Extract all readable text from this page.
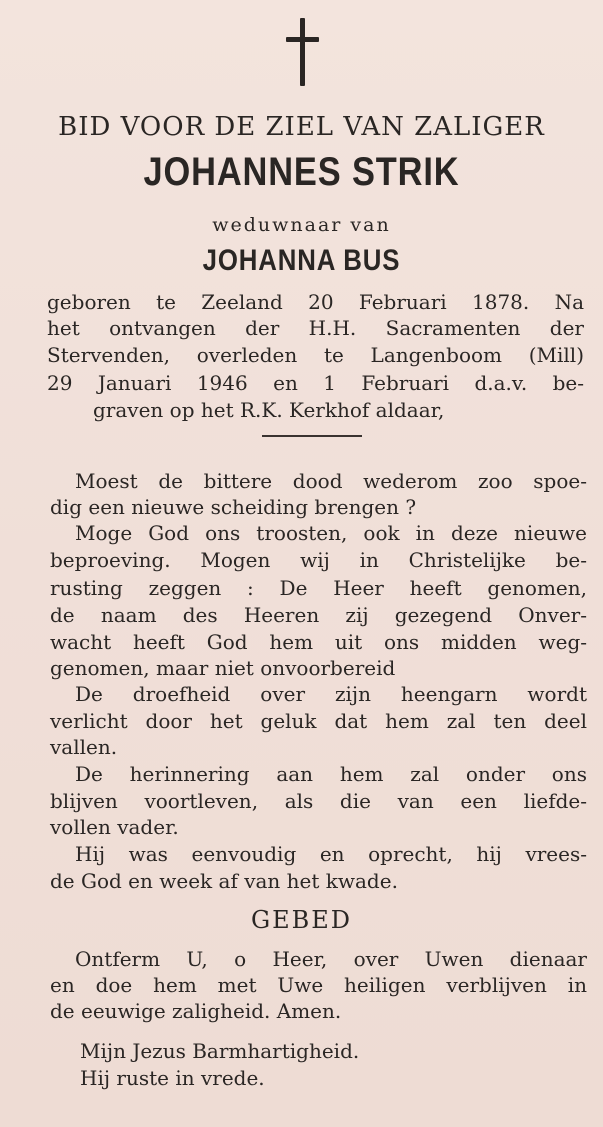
BID VOOR DE ZIEL VAN ZALIGER
JOHANNES STRIK
weduwnaar van
JOHANNA BUS
geboren te Zeeland 20 Februari 1878. Na
het ontvangen der H.H. Sacramenten der
Stervenden, overleden te Langenboom (Mill)
29 Januari 1946 en 1 Februari d.a.v. be-
graven op het R.K. Kerkhof aldaar,
Moest de bittere dood wederom zoo spoe-
dig een nieuwe scheiding brengen ?
Moge God ons troosten, ook in deze nieuwe
beproeving. Mogen wij in Christelijke be-
rusting zeggen : De Heer heeft genomen,
de naam des Heeren zij gezegend Onver-
wacht heeft God hem uit ons midden weg-
genomen, maar niet onvoorbereid
De droefheid over zijn heengarn wordt
verlicht door het geluk dat hem zal ten deel
vallen.
De herinnering aan hem zal onder ons
blijven voortleven, als die van een liefde-
vollen vader.
Hij was eenvoudig en oprecht, hij vrees-
de God en week af van het kwade.
GEBED
Ontferm U, o Heer, over Uwen dienaar
en doe hem met Uwe heiligen verblijven in
de eeuwige zaligheid. Amen.
Mijn Jezus Barmhartigheid.
Hij ruste in vrede.
